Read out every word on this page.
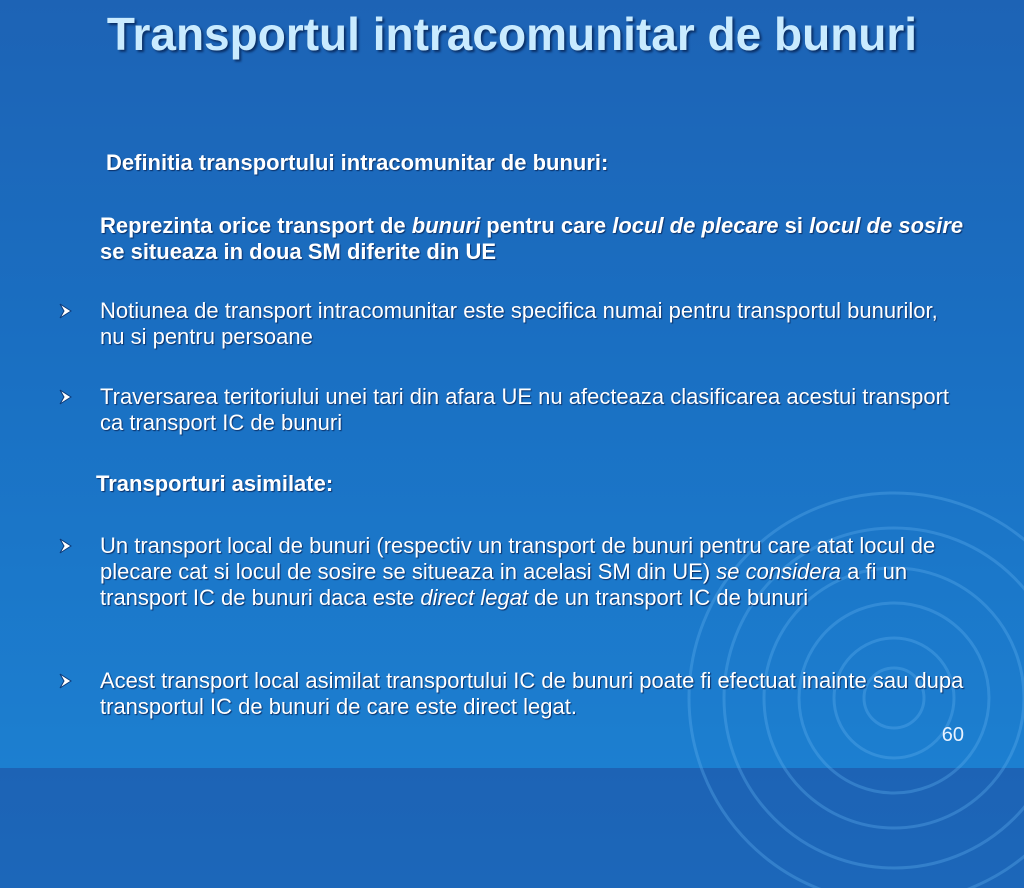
Transportul intracomunitar de bunuri
Definitia transportului intracomunitar de bunuri:
Reprezinta orice transport de bunuri pentru care locul de plecare si locul de sosire se situeaza in doua SM diferite din UE
Notiunea de transport intracomunitar este specifica numai pentru transportul bunurilor, nu si pentru persoane
Traversarea teritoriului unei tari din afara UE nu afecteaza clasificarea acestui transport ca transport IC de bunuri
Transporturi asimilate:
Un transport local de bunuri (respectiv un transport de bunuri pentru care atat locul de plecare cat si locul de sosire se situeaza in acelasi SM din UE) se considera a fi un transport IC de bunuri daca este direct legat de un transport IC de bunuri
Acest transport local asimilat transportului IC de bunuri poate fi efectuat inainte sau dupa transportul IC de bunuri de care este direct legat.
60
